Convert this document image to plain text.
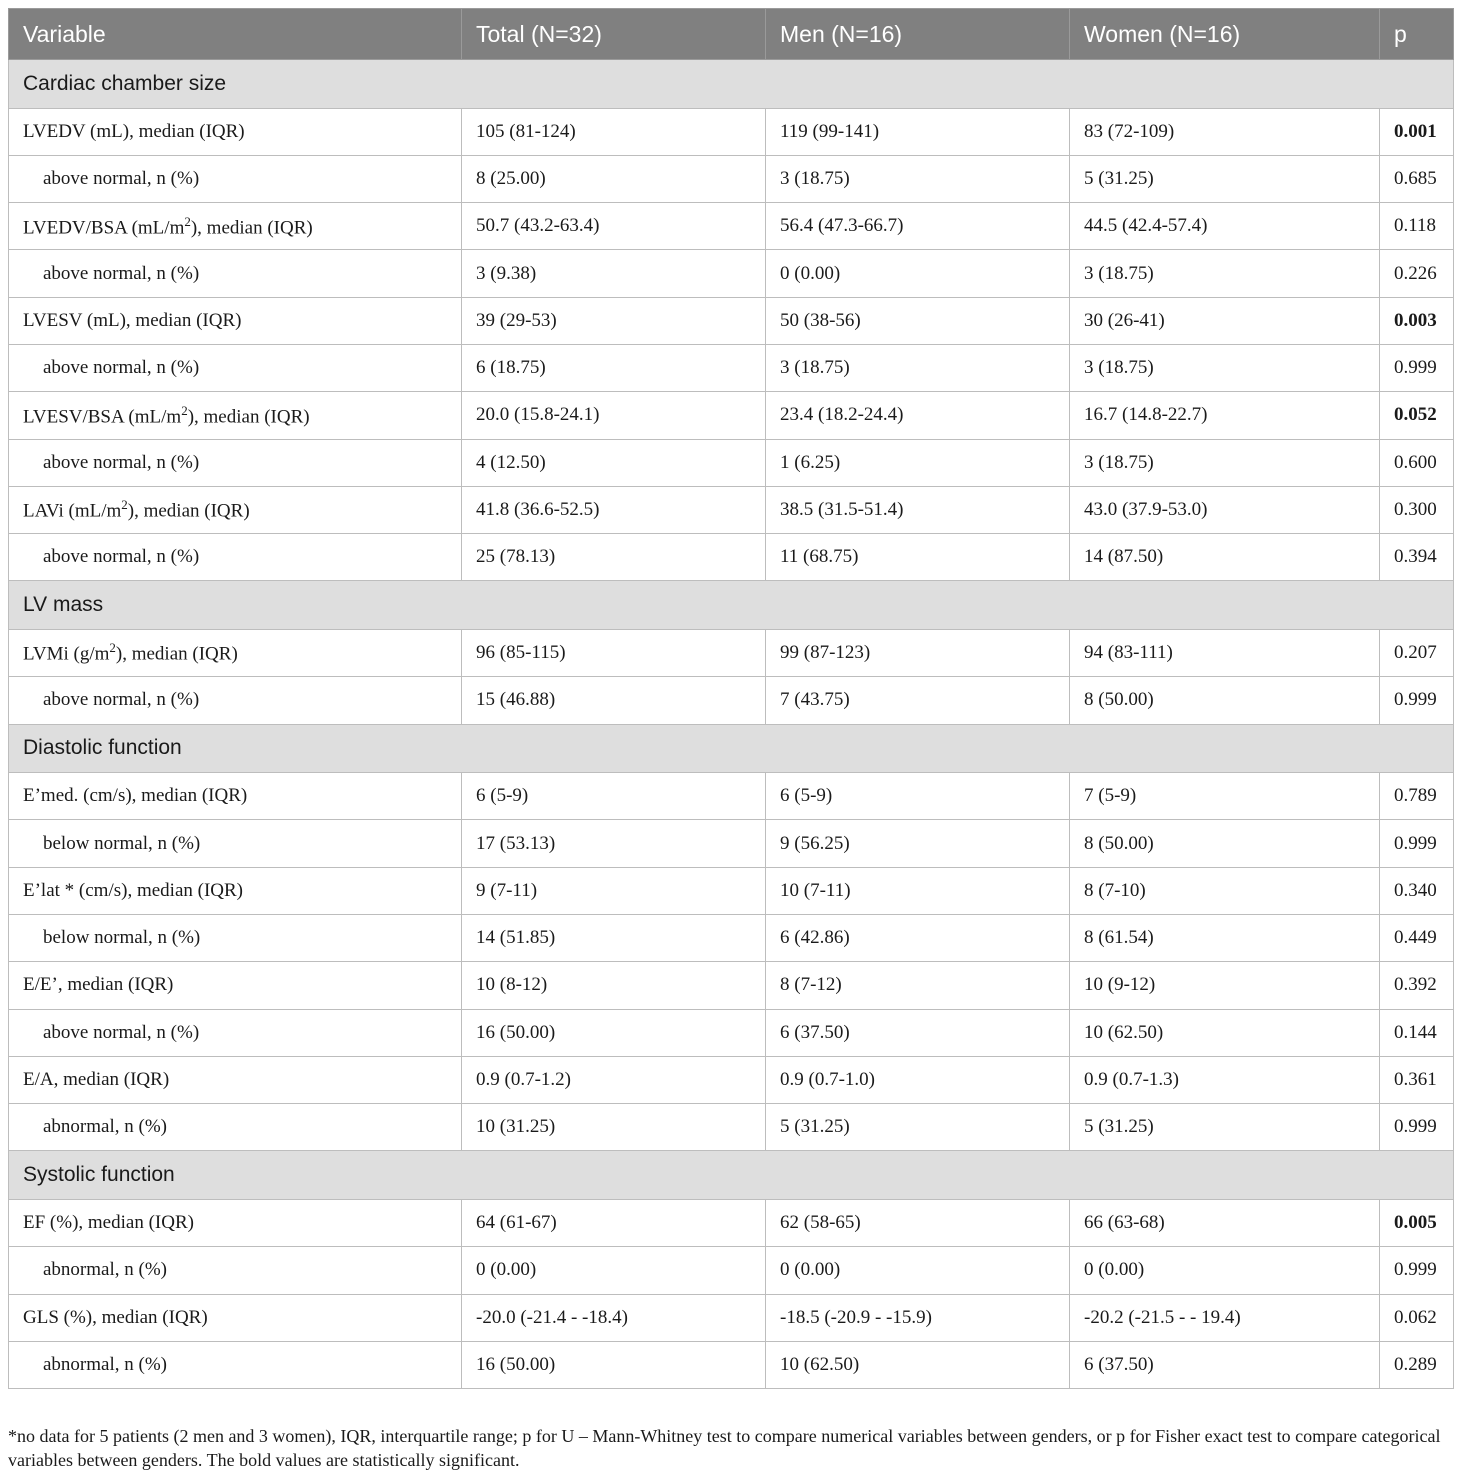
Variable	Total (N=32)	Men (N=16)	Women (N=16)	p
Cardiac chamber size				
LVEDV (mL), median (IQR)	105 (81-124)	119 (99-141)	83 (72-109)	0.001
above normal, n (%)	8 (25.00)	3 (18.75)	5 (31.25)	0.685
LVEDV/BSA $(mL/m^2)$, median (IQR)	50.7 (43.2-63.4)	56.4 (47.3-66.7)	44.5 (42.4-57.4)	0.118
above normal, n (%)	3 (9.38)	0 (0.00)	3 (18.75)	0.226
LVESV (mL), median (IQR)	39 (29-53)	50 (38-56)	30 (26-41)	0.003
above normal, n (%)	6 (18.75)	3 (18.75)	3 (18.75)	0.999
LVESV/BSA $(mL/m^2)$, median (IQR)	20.0 (15.8-24.1)	23.4 (18.2-24.4)	16.7 (14.8-22.7)	0.052
above normal, n (%)	4 (12.50)	1 (6.25)	3 (18.75)	0.600
LAVi $(mL/m^2)$, median (IQR)	41.8 (36.6-52.5)	38.5 (31.5-51.4)	43.0 (37.9-53.0)	0.300
above normal, n (%)	25 (78.13)	11 (68.75)	14 (87.50)	0.394
LV mass				
LVMi $(g/m^2)$, median (IQR)	96 (85-115)	99 (87-123)	94 (83-111)	0.207
above normal, n (%)	15 (46.88)	7 (43.75)	8 (50.00)	0.999
Diastolic function				
E’med. (cm/s), median (IQR)	6 (5-9)	6 (5-9)	7 (5-9)	0.789
below normal, n (%)	17 (53.13)	9 (56.25)	8 (50.00)	0.999
E’lat * (cm/s), median (IQR)	9 (7-11)	10 (7-11)	8 (7-10)	0.340
below normal, n (%)	14 (51.85)	6 (42.86)	8 (61.54)	0.449
E/E’, median (IQR)	10 (8-12)	8 (7-12)	10 (9-12)	0.392
above normal, n (%)	16 (50.00)	6 (37.50)	10 (62.50)	0.144
E/A, median (IQR)	0.9 (0.7-1.2)	0.9 (0.7-1.0)	0.9 (0.7-1.3)	0.361
abnormal, n (%)	10 (31.25)	5 (31.25)	5 (31.25)	0.999
Systolic function				
EF (%), median (IQR)	64 (61-67)	62 (58-65)	66 (63-68)	0.005
abnormal, n (%)	0 (0.00)	0 (0.00)	0 (0.00)	0.999
GLS (%), median (IQR)	-20.0 (-21.4 - -18.4)	-18.5 (-20.9 - -15.9)	-20.2 (-21.5 - - 19.4)	0.062
abnormal, n (%)	16 (50.00)	10 (62.50)	6 (37.50)	0.289
*no data for 5 patients (2 men and 3 women), IQR, interquartile range; p for U – Mann-Whitney test to compare numerical variables between genders, or p for Fisher exact test to compare categorical variables between genders. The bold values are statistically significant.
